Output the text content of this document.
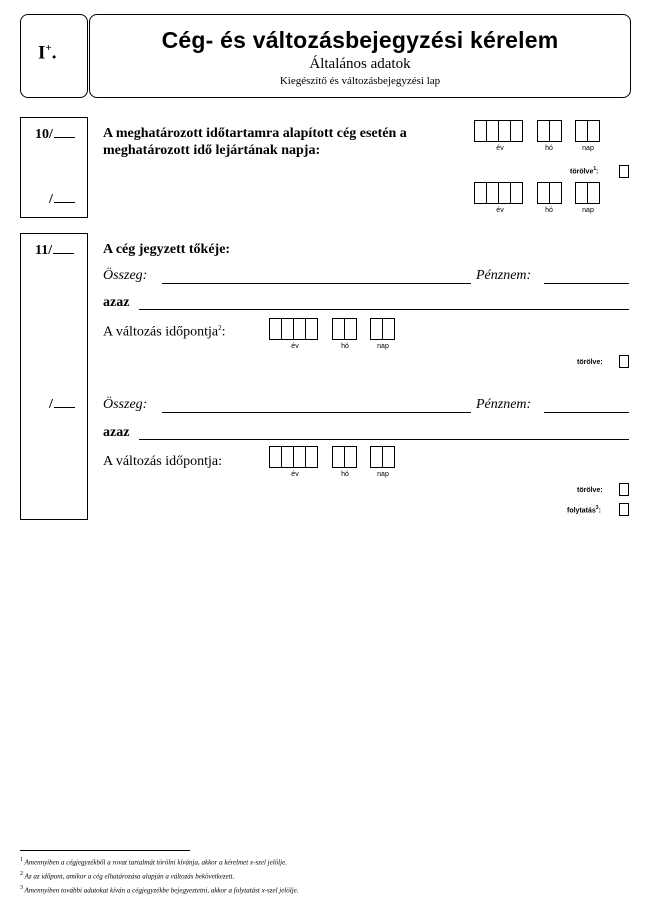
I+.	Cég- és változásbejegyzési kérelem
Általános adatok
Kiegészítő és változásbejegyzési lap
10/
/
A meghatározott időtartamra alapított cég esetén a
meghatározott idő lejártának napja:	év	hó	nap
törölve$^1$:
év	hó	nap
11/
/
A cég jegyzett tőkéje:
Összeg:	Pénznem:
azaz
A változás időpontja$^2$:
év	hó	nap
törölve:
Összeg:	Pénznem:
azaz
A változás időpontja:
év	hó	nap
törölve:
folytatás$^3$:
$^1$ Amennyiben a cégjegyzékből a rovat tartalmát törölni kívánja, akkor a kérelmet x-szel jelölje.
$^2$ Az az időpont, amikor a cég elhatározása alapján a változás bekövetkezett.
$^3$ Amennyiben további adatokat kíván a cégjegyzékbe bejegyeztetni, akkor a folytatást x-szel jelölje.
